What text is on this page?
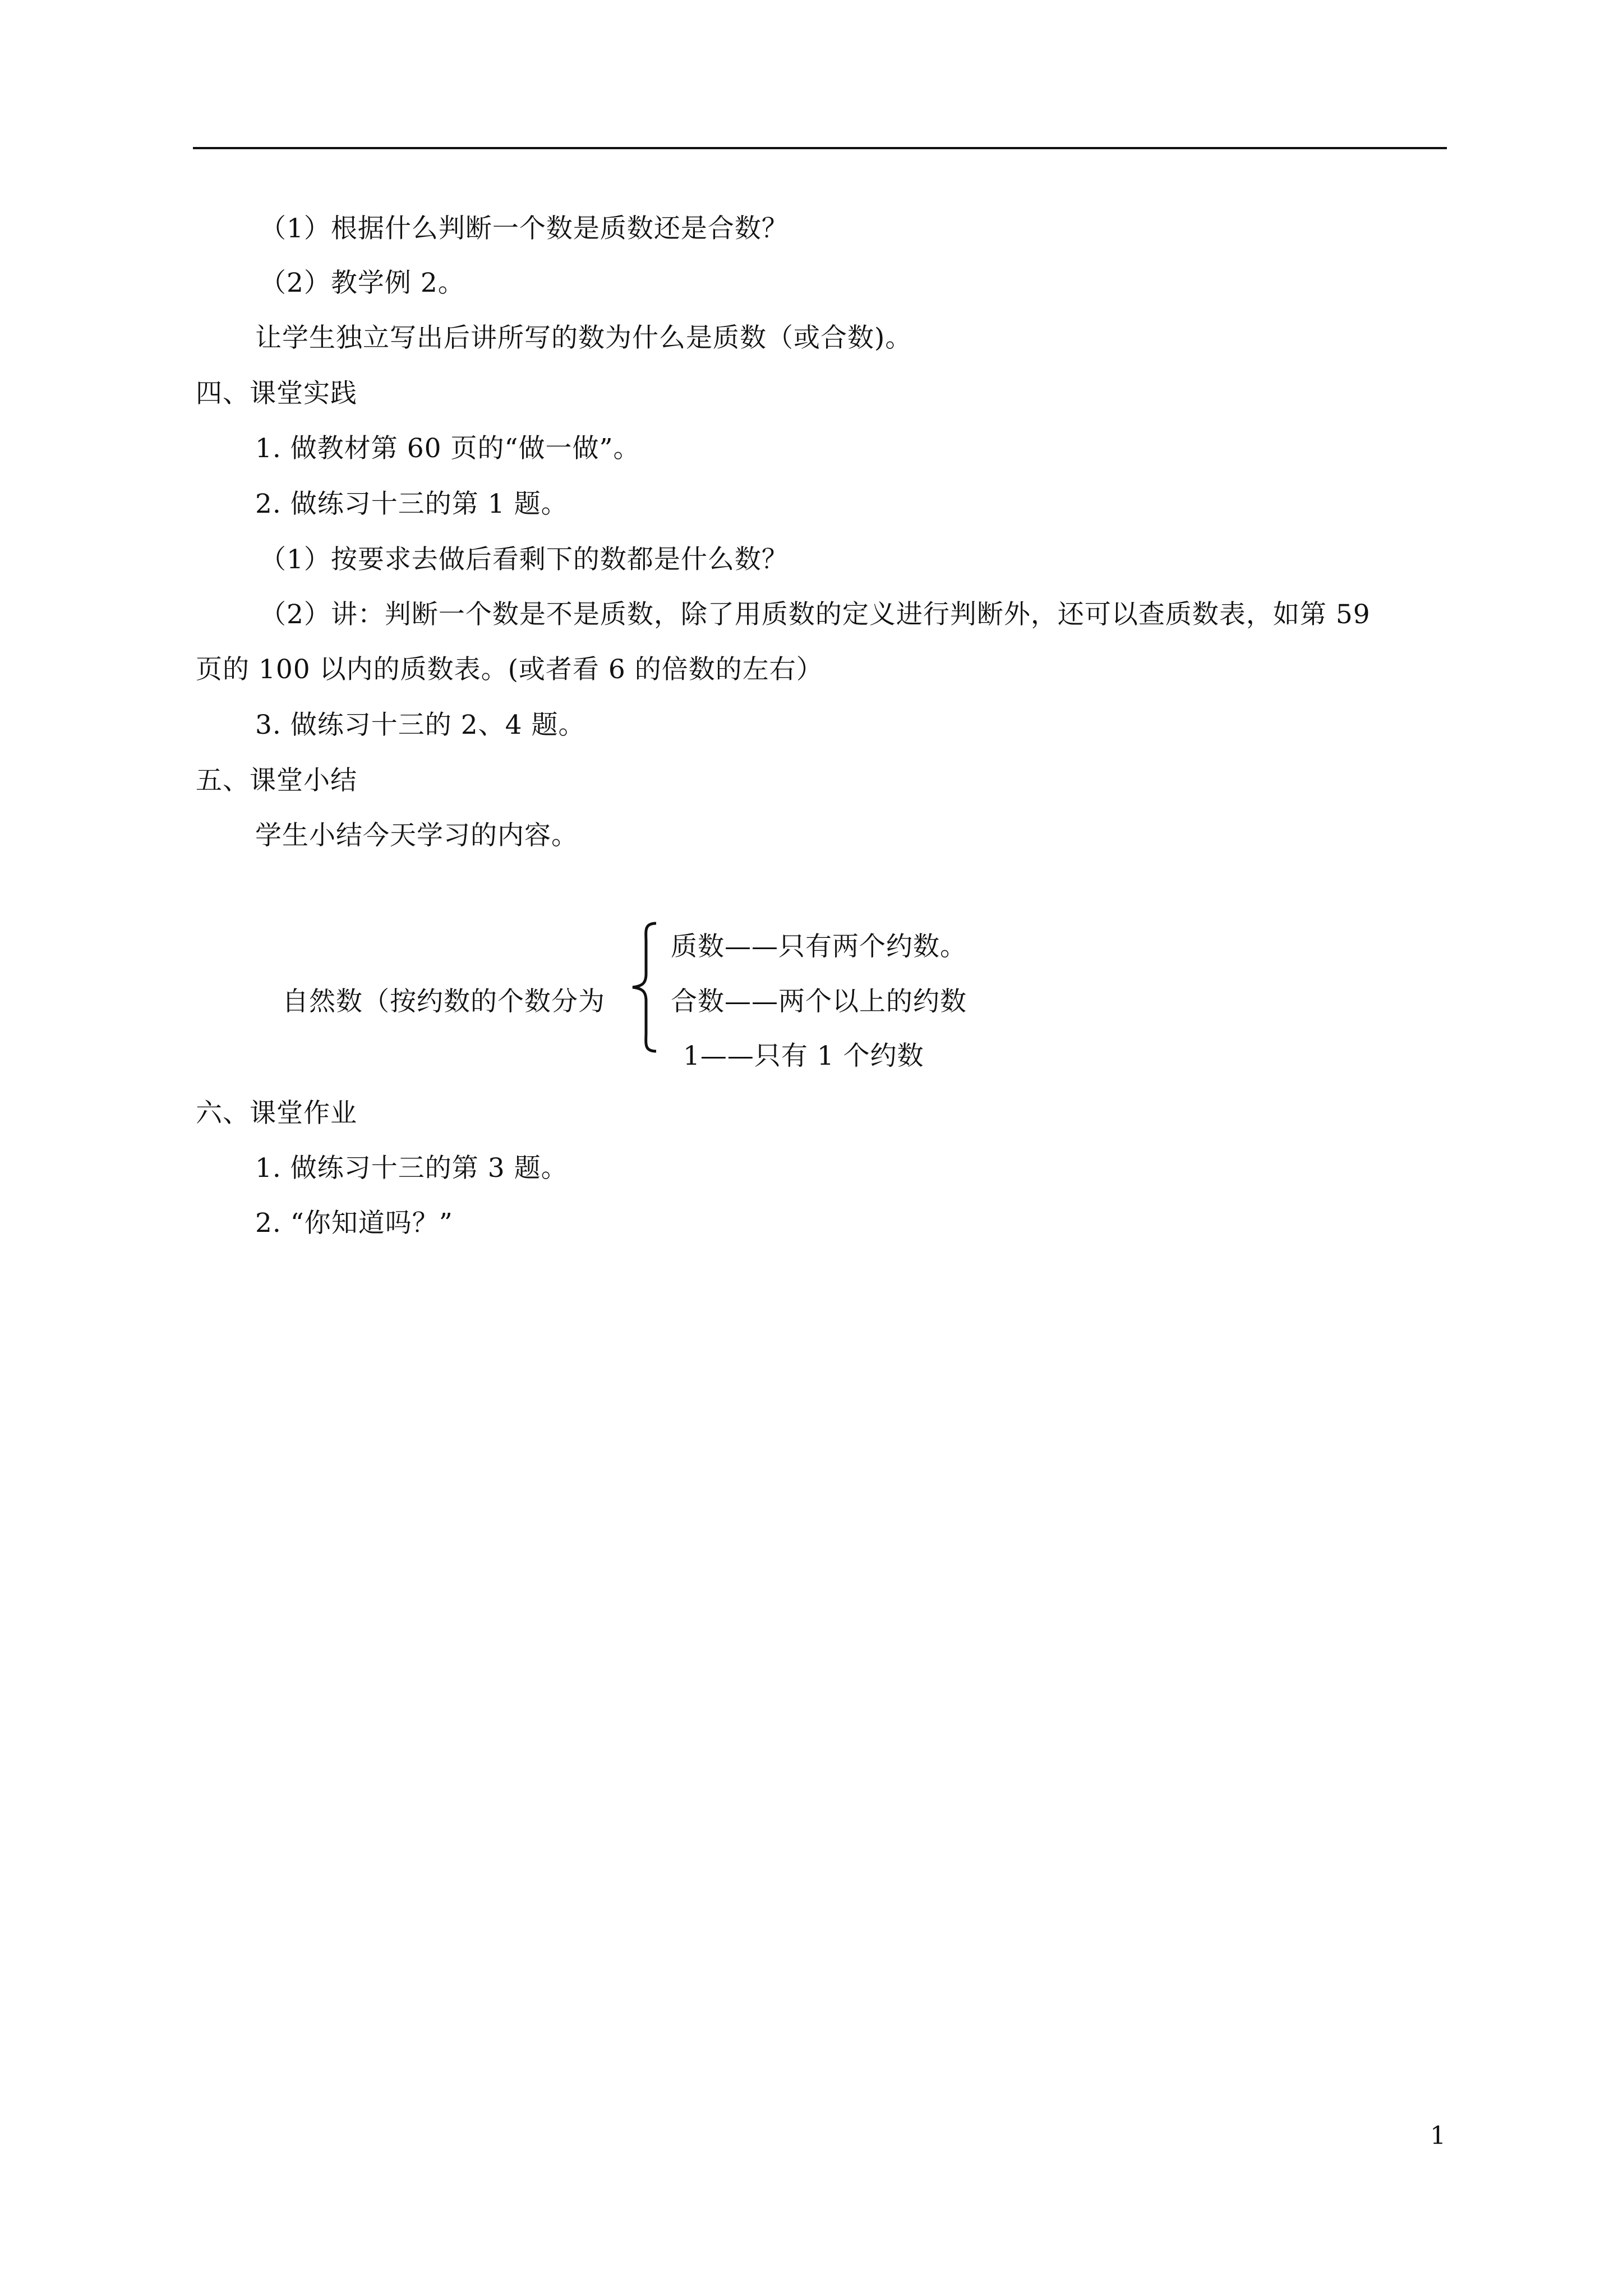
（1）根据什么判断一个数是质数还是合数？
（2）教学例 2。
让学生独立写出后讲所写的数为什么是质数（或合数)。
四、课堂实践
1. 做教材第 60 页的“做一做”。
2. 做练习十三的第 1 题。
（1）按要求去做后看剩下的数都是什么数？
（2）讲：判断一个数是不是质数，除了用质数的定义进行判断外，还可以查质数表，如第 59
页的 100 以内的质数表。(或者看 6 的倍数的左右）
3. 做练习十三的 2、4 题。
五、课堂小结
学生小结今天学习的内容。
自然数（按约数的个数分为
质数——只有两个约数。
合数——两个以上的约数
1——只有 1 个约数
六、课堂作业
1. 做练习十三的第 3 题。
2. “你知道吗？”
1
